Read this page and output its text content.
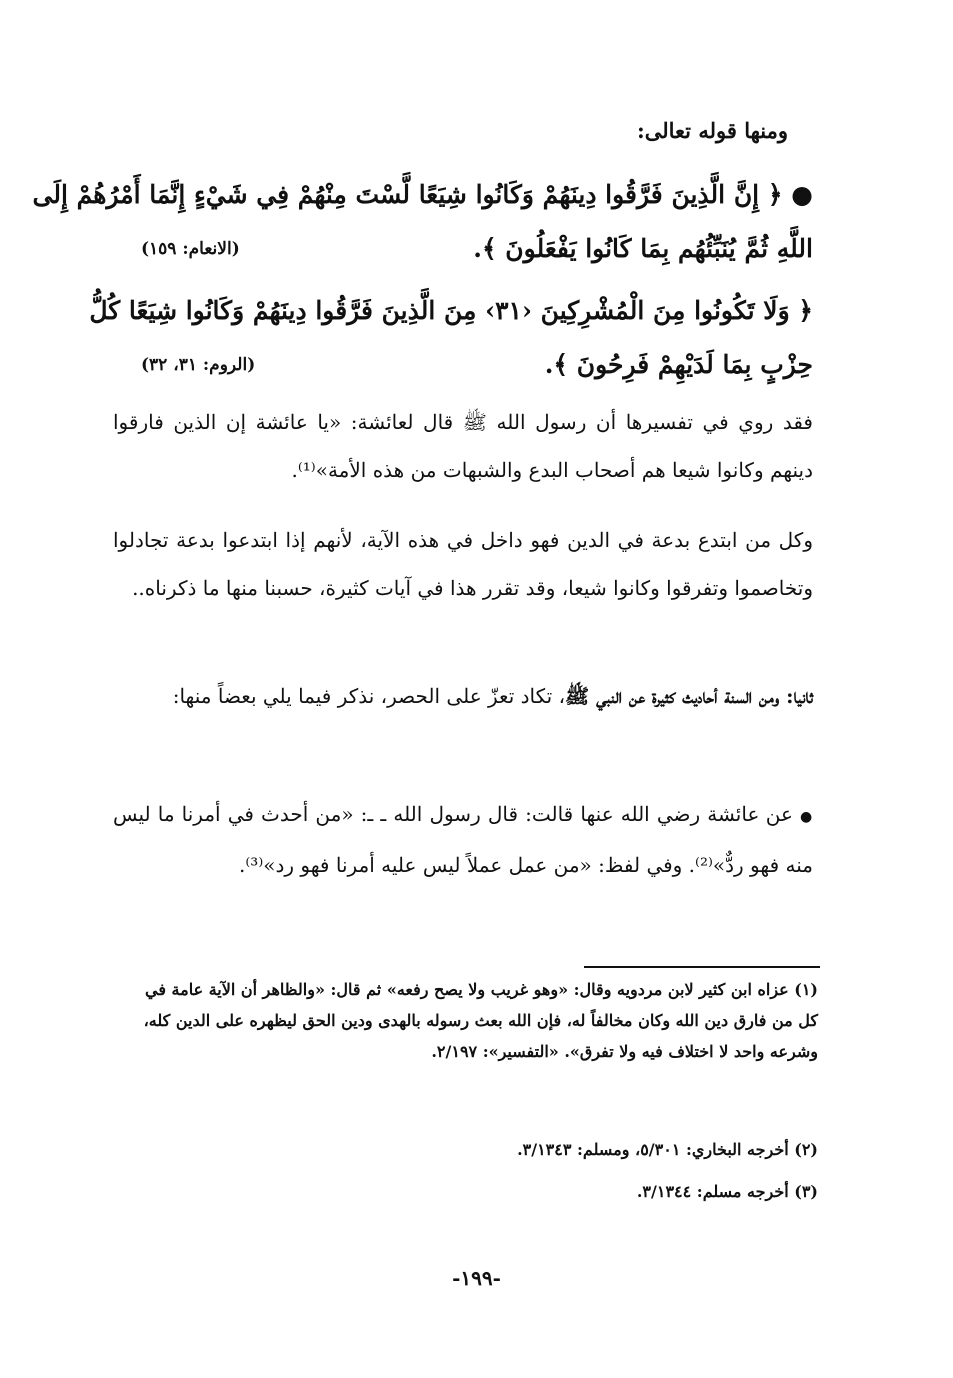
ومنها قوله تعالى:
● ﴿ إِنَّ الَّذِينَ فَرَّقُوا دِينَهُمْ وَكَانُوا شِيَعًا لَّسْتَ مِنْهُمْ فِي شَيْءٍ إِنَّمَا أَمْرُهُمْ إِلَى
اللَّهِ ثُمَّ يُنَبِّئُهُم بِمَا كَانُوا يَفْعَلُونَ ﴾.
(الانعام: ١٥٩)
﴿ وَلَا تَكُونُوا مِنَ الْمُشْرِكِينَ ‹٣١› مِنَ الَّذِينَ فَرَّقُوا دِينَهُمْ وَكَانُوا شِيَعًا كُلُّ
حِزْبٍ بِمَا لَدَيْهِمْ فَرِحُونَ ﴾.
(الروم: ٣١، ٣٢)
فقد روي في تفسيرها أن رسول الله ﷺ قال لعائشة: «يا عائشة إن الذين فارقوا دينهم وكانوا شيعا هم أصحاب البدع والشبهات من هذه الأمة»⁽¹⁾.
وكل من ابتدع بدعة في الدين فهو داخل في هذه الآية، لأنهم إذا ابتدعوا بدعة تجادلوا وتخاصموا وتفرقوا وكانوا شيعا، وقد تقرر هذا في آيات كثيرة، حسبنا منها ما ذكرناه..
ثانيا: ومن السنة أحاديث كثيرة عن النبي ﷺ، تكاد تعزّ على الحصر، نذكر فيما يلي بعضاً منها:
● عن عائشة رضي الله عنها قالت: قال رسول الله ـ ـ: «من أحدث في أمرنا ما ليس منه فهو ردٌّ»⁽²⁾. وفي لفظ: «من عمل عملاً ليس عليه أمرنا فهو رد»⁽³⁾.
(١) عزاه ابن كثير لابن مردويه وقال: «وهو غريب ولا يصح رفعه» ثم قال: «والظاهر أن الآية عامة في كل من فارق دين الله وكان مخالفاً له، فإن الله بعث رسوله بالهدى ودين الحق ليظهره على الدين كله، وشرعه واحد لا اختلاف فيه ولا تفرق». «التفسير»: ٢/١٩٧.
(٢) أخرجه البخاري: ٥/٣٠١، ومسلم: ٣/١٣٤٣.
(٣) أخرجه مسلم: ٣/١٣٤٤.
-١٩٩-
